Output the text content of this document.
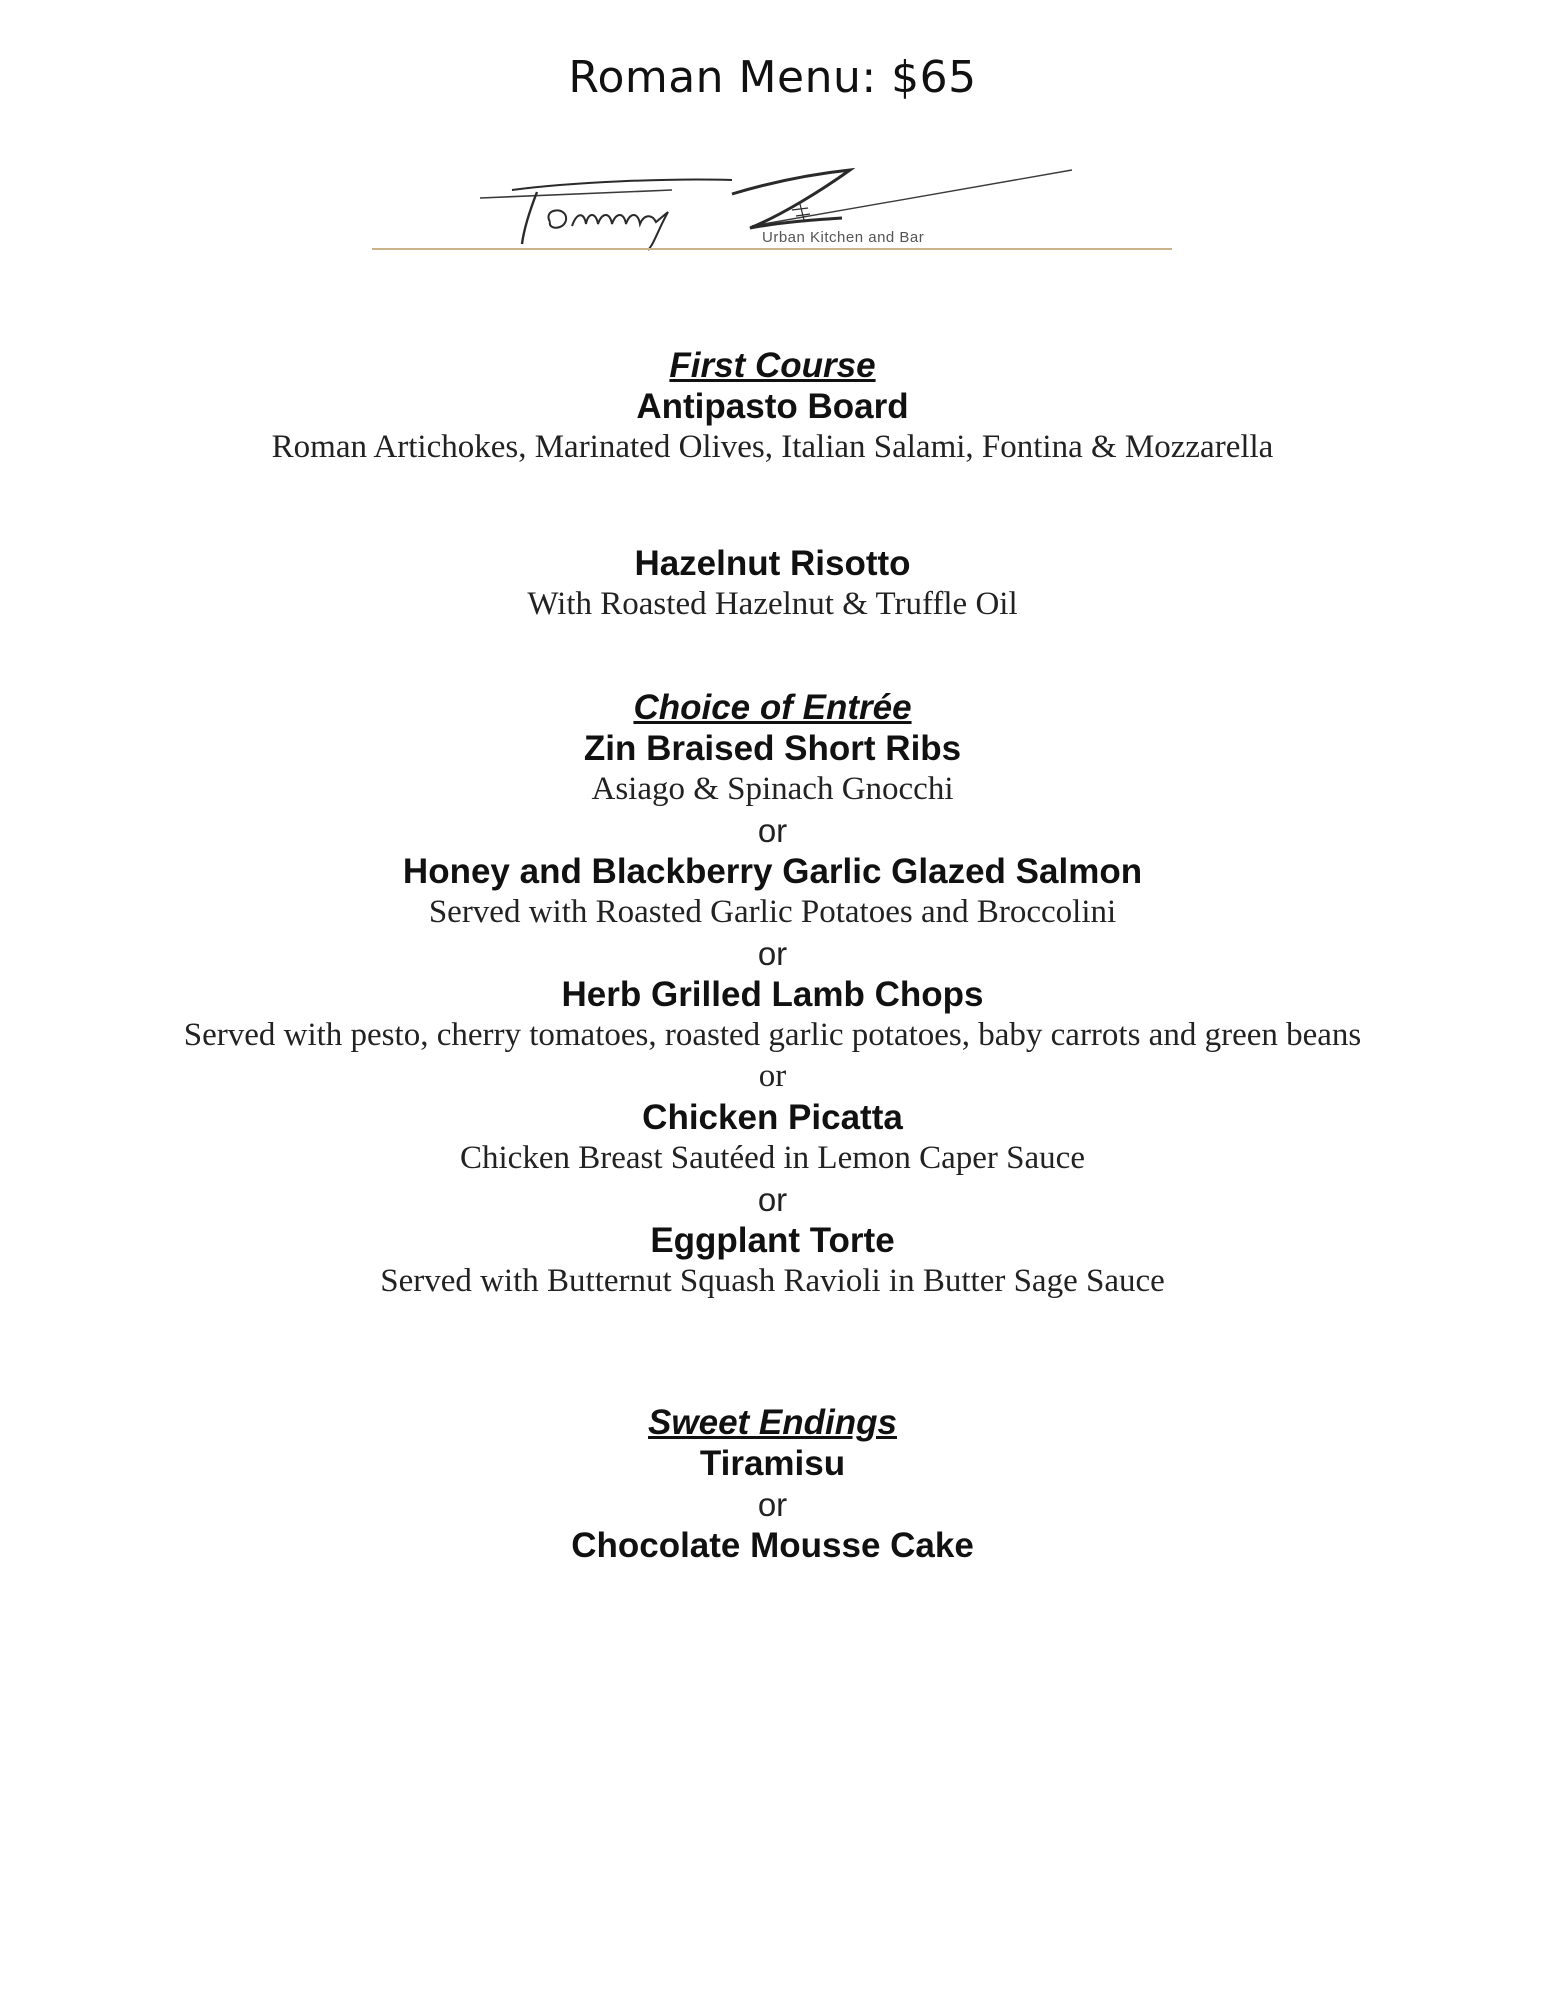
Roman Menu: $65
Urban Kitchen and Bar
First Course
Antipasto Board
Roman Artichokes, Marinated Olives, Italian Salami, Fontina & Mozzarella
Hazelnut Risotto
With Roasted Hazelnut & Truffle Oil
Choice of Entrée
Zin Braised Short Ribs
Asiago & Spinach Gnocchi
or
Honey and Blackberry Garlic Glazed Salmon
Served with Roasted Garlic Potatoes and Broccolini
or
Herb Grilled Lamb Chops
Served with pesto, cherry tomatoes, roasted garlic potatoes, baby carrots and green beans
or
Chicken Picatta
Chicken Breast Sautéed in Lemon Caper Sauce
or
Eggplant Torte
Served with Butternut Squash Ravioli in Butter Sage Sauce
Sweet Endings
Tiramisu
or
Chocolate Mousse Cake
